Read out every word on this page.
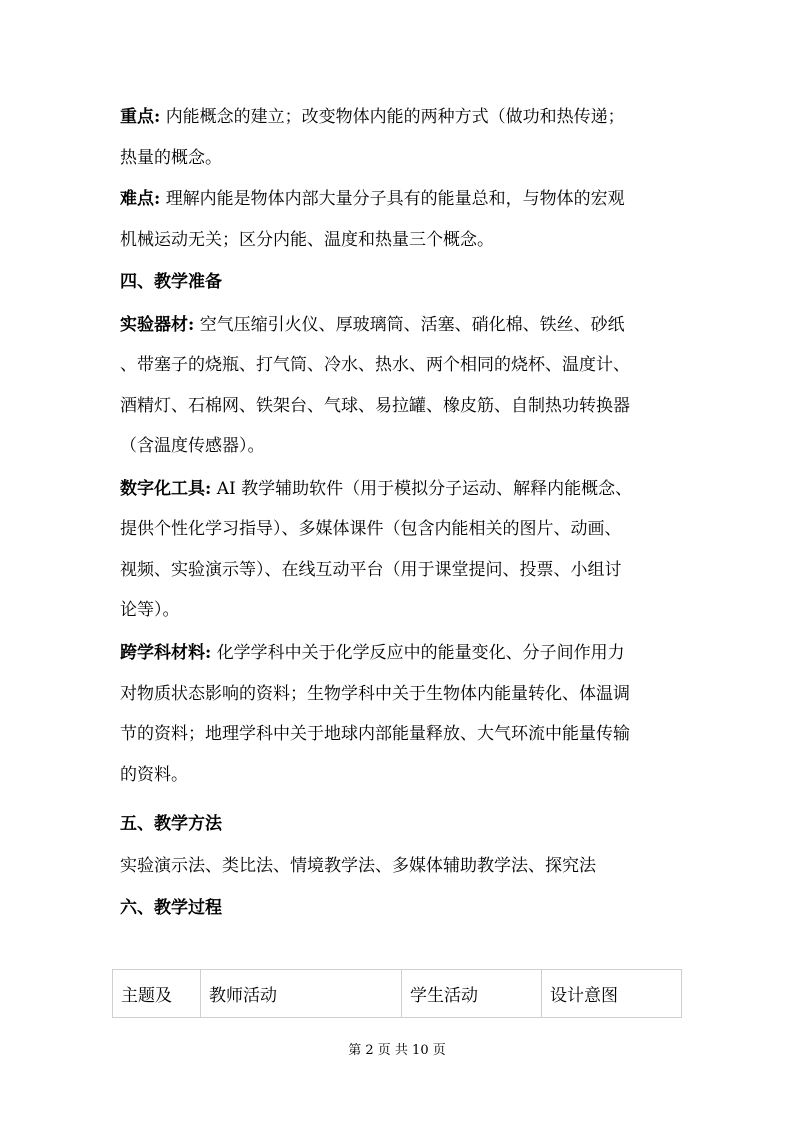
重点: 内能概念的建立；改变物体内能的两种方式（做功和热传递；
热量的概念。
难点: 理解内能是物体内部大量分子具有的能量总和，与物体的宏观
机械运动无关；区分内能、温度和热量三个概念。
四、教学准备
实验器材: 空气压缩引火仪、厚玻璃筒、活塞、硝化棉、铁丝、砂纸
、带塞子的烧瓶、打气筒、冷水、热水、两个相同的烧杯、温度计、
酒精灯、石棉网、铁架台、气球、易拉罐、橡皮筋、自制热功转换器
（含温度传感器）。
数字化工具: AI 教学辅助软件（用于模拟分子运动、解释内能概念、
提供个性化学习指导）、多媒体课件（包含内能相关的图片、动画、
视频、实验演示等）、在线互动平台（用于课堂提问、投票、小组讨
论等）。
跨学科材料: 化学学科中关于化学反应中的能量变化、分子间作用力
对物质状态影响的资料；生物学科中关于生物体内能量转化、体温调
节的资料；地理学科中关于地球内部能量释放、大气环流中能量传输
的资料。
五、教学方法
实验演示法、类比法、情境教学法、多媒体辅助教学法、探究法
六、教学过程
主题及	教师活动	学生活动	设计意图
第 2 页 共 10 页
